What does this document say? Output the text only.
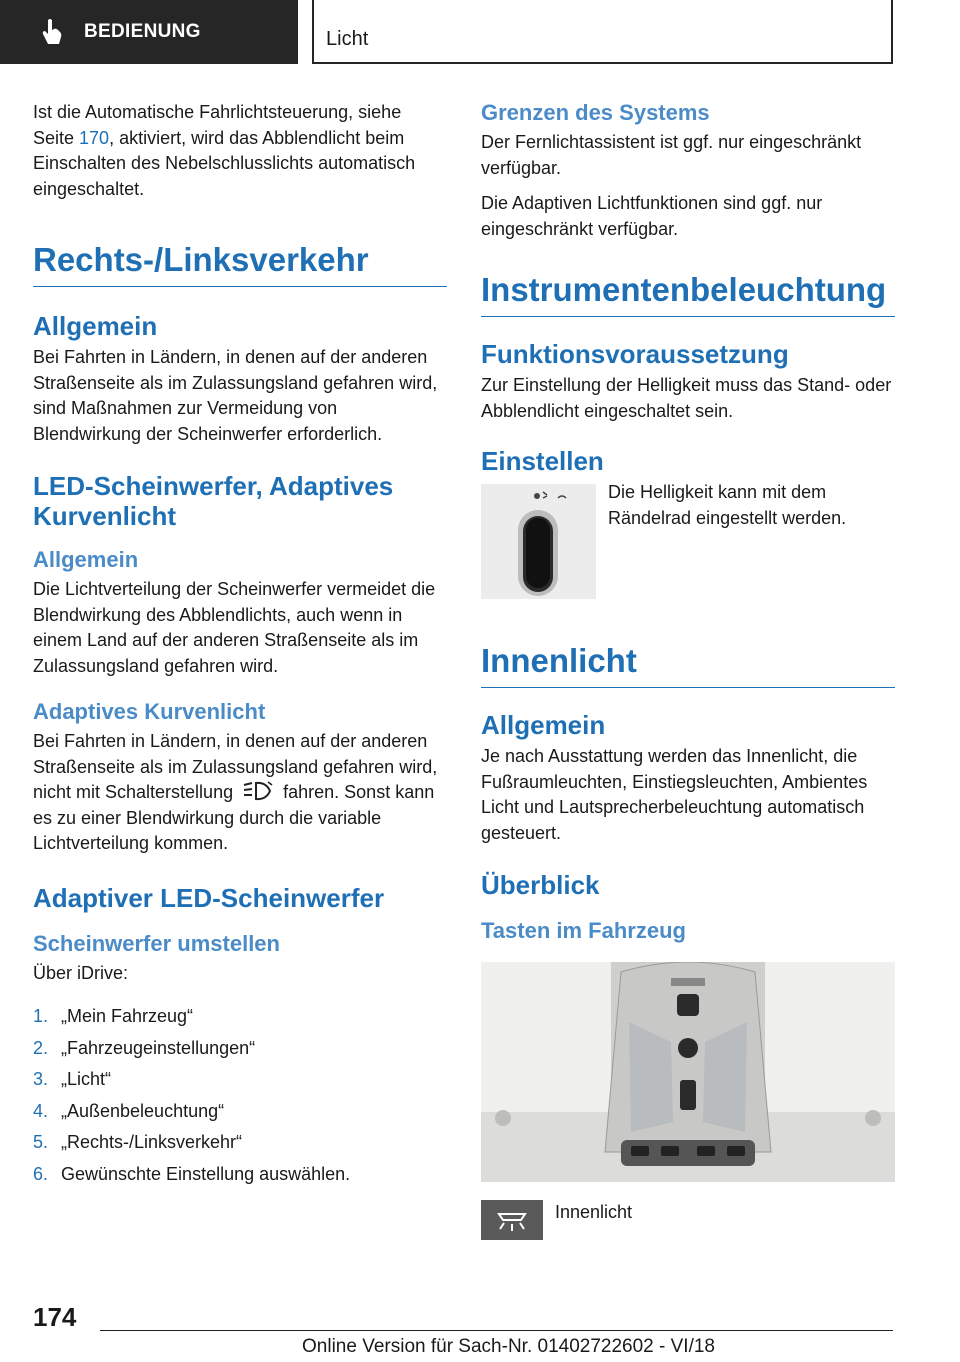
BEDIENUNG	Licht

Ist die Automatische Fahrlichtsteuerung, siehe Seite 170, aktiviert, wird das Abblendlicht beim Einschalten des Nebelschlusslichts automatisch eingeschaltet.

Rechts-/Linksverkehr
Allgemein

Bei Fahrten in Ländern, in denen auf der anderen Straßenseite als im Zulassungsland gefahren wird, sind Maßnahmen zur Vermeidung von Blendwirkung der Scheinwerfer erforderlich.

LED-Scheinwerfer, Adaptives Kurvenlicht
Allgemein

Die Lichtverteilung der Scheinwerfer vermeidet die Blendwirkung des Abblendlichts, auch wenn in einem Land auf der anderen Straßenseite als im Zulassungsland gefahren wird.

Adaptives Kurvenlicht

Bei Fahrten in Ländern, in denen auf der anderen Straßenseite als im Zulassungsland gefahren wird, nicht mit Schalterstellung	fahren. Sonst kann es zu einer Blendwirkung durch die variable Lichtverteilung kommen.

Adaptiver LED-Scheinwerfer
Scheinwerfer umstellen

Über iDrive:

1. „Mein Fahrzeug“
2. „Fahrzeugeinstellungen“
3. „Licht“
4. „Außenbeleuchtung“
5. „Rechts-/Linksverkehr“
6. Gewünschte Einstellung auswählen.
Grenzen des Systems

Der Fernlichtassistent ist ggf. nur eingeschränkt verfügbar.

Die Adaptiven Lichtfunktionen sind ggf. nur eingeschränkt verfügbar.

Instrumentenbeleuchtung
Funktionsvoraussetzung

Zur Einstellung der Helligkeit muss das Stand- oder Abblendlicht eingeschaltet sein.

Einstellen

Die Helligkeit kann mit dem Rändelrad eingestellt werden.

Innenlicht
Allgemein

Je nach Ausstattung werden das Innenlicht, die Fußraumleuchten, Einstiegsleuchten, Ambientes Licht und Lautsprecherbeleuchtung automatisch gesteuert.

Überblick
Tasten im Fahrzeug

Innenlicht

174
Online Version für Sach-Nr. 01402722602 - VI/18
